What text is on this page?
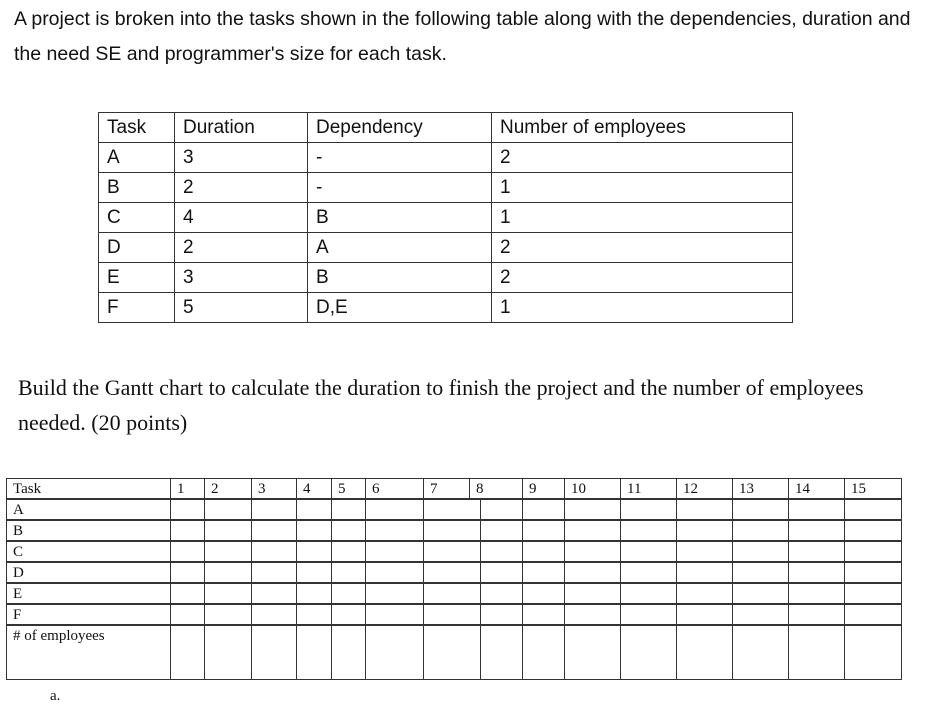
A project is broken into the tasks shown in the following table along with the dependencies, duration and the need SE and programmer's size for each task.
Task	Duration	Dependency	Number of employees
A	3	-	2
B	2	-	1
C	4	B	1
D	2	A	2
E	3	B	2
F	5	D,E	1
Build the Gantt chart to calculate the duration to finish the project and the number of employees needed. (20 points)
Task	1	2	3	4	5	6	7	8	9	10	11	12	13	14	15
A
B
C
D
E
F
# of employees
a.
